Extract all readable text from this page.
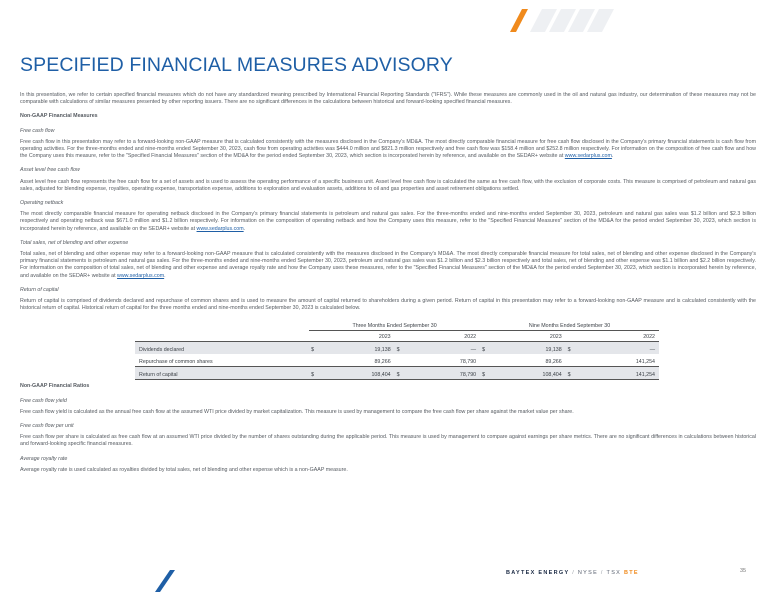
SPECIFIED FINANCIAL MEASURES ADVISORY

In this presentation, we refer to certain specified financial measures which do not have any standardized meaning prescribed by International Financial Reporting Standards ("IFRS"). While these measures are commonly used in the oil and natural gas industry, our determination of these measures may not be comparable with calculations of similar measures presented by other reporting issuers. There are no significant differences in the calculations between historical and forward-looking specified financial measures.

Non-GAAP Financial Measures

Free cash flow

Free cash flow in this presentation may refer to a forward-looking non-GAAP measure that is calculated consistently with the measures disclosed in the Company's MD&A. The most directly comparable financial measure for free cash flow disclosed in the Company's primary financial statements is cash flow from operating activities. For the three-months ended and nine-months ended September 30, 2023, cash flow from operating activities was $444.0 million and $821.3 million respectively and free cash flow was $158.4 million and $252.8 million respectively. For information on the composition of free cash flow and how the Company uses this measure, refer to the "Specified Financial Measures" section of the MD&A for the period ended September 30, 2023, which section is incorporated herein by reference, and available on the SEDAR+ website at www.sedarplus.com.

Asset level free cash flow

Asset level free cash flow represents the free cash flow for a set of assets and is used to assess the operating performance of a specific business unit. Asset level free cash flow is calculated the same as free cash flow, with the exclusion of corporate costs. This measure is comprised of petroleum and natural gas sales, adjusted for blending expense, royalties, operating expense, transportation expense, additions to exploration and evaluation assets, additions to oil and gas properties and asset retirement obligations settled.

Operating netback

The most directly comparable financial measure for operating netback disclosed in the Company's primary financial statements is petroleum and natural gas sales. For the three-months ended and nine-months ended September 30, 2023, petroleum and natural gas sales was $1.2 billion and $2.3 billion respectively and operating netback was $671.0 million and $1.2 billion respectively. For information on the composition of operating netback and how the Company uses this measure, refer to the "Specified Financial Measures" section of the MD&A for the period ended September 30, 2023, which section is incorporated herein by reference, and available on the SEDAR+ website at www.sedarplus.com.

Total sales, net of blending and other expense

Total sales, net of blending and other expense may refer to a forward-looking non-GAAP measure that is calculated consistently with the measures disclosed in the Company's MD&A. The most directly comparable financial measure for total sales, net of blending and other expense disclosed in the Company's primary financial statements is petroleum and natural gas sales. For the three-months ended and nine-months ended September 30, 2023, petroleum and natural gas sales was $1.2 billion and $2.3 billion respectively and total sales, net of blending and other expense was $1.1 billion and $2.2 billion respectively. For information on the composition of total sales, net of blending and other expense and average royalty rate and how the Company uses these measures, refer to the "Specified Financial Measures" section of the MD&A for the period ended September 30, 2023, which section is incorporated herein by reference, and available on the SEDAR+ website at www.sedarplus.com.

Return of capital

Return of capital is comprised of dividends declared and repurchase of common shares and is used to measure the amount of capital returned to shareholders during a given period. Return of capital in this presentation may refer to a forward-looking non-GAAP measure and is calculated consistently with the historical return of capital. Historical return of capital for the three months ended and nine-months ended September 30, 2023 is calculated below.

	Three Months Ended September 30				Nine Months Ended September 30			
	2023		2022		2023		2022	
Dividends declared	$	19,138	$	—	$	19,138	$	—
Repurchase of common shares		89,266		78,790		89,266		141,254
Return of capital	$	108,404	$	78,790	$	108,404	$	141,254

Non-GAAP Financial Ratios

Free cash flow yield

Free cash flow yield is calculated as the annual free cash flow at the assumed WTI price divided by market capitalization. This measure is used by management to compare the free cash flow per share against the market value per share.

Free cash flow per unit

Free cash flow per share is calculated as free cash flow at an assumed WTI price divided by the number of shares outstanding during the applicable period. This measure is used by management to compare against earnings per share metrics. There are no significant differences in calculations between historical and forward-looking specific financial measures.

Average royalty rate

Average royalty rate is used calculated as royalties divided by total sales, net of blending and other expense which is a non-GAAP measure.

BAYTEX ENERGY / NYSE / TSX BTE	35
